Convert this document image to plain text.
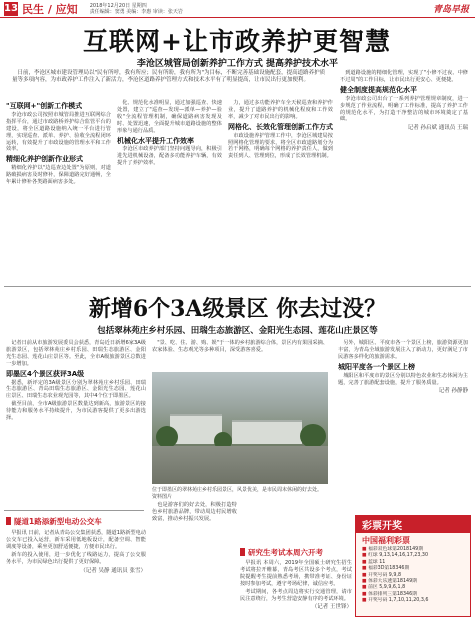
13 民生 / 应知 2018年12月20日 星期四
责任编辑：窦勇 美编：李惠 审读：张天岩	青岛早报
互联网+让市政养护更智慧
李沧区城管局创新养护工作方式 提高养护技术水平
日前，李沧区城市建设管理局以"民有所呼，我有所应；民有所盼，我有所为"为目标，不断完善基础设施配套，提高道路养护质量等多项内容，为市政养护工作注入了新活力，李沧区道路养护管理方式和技术水平有了明显提高，让市民出行更加便利。
"互联网+"创新工作模式

李沧市政公司按照市城管局推进互联网综合指挥平台，通过市政路桥养护综合监管平台的建设，将全区道路设施纳入统一平台进行管理，实现巡查、派单、养护、验收全流程闭环运转，有效提升了市政设施的管理水平和工作效率。

精细化养护创新作业形式

精细化养护以"边巡查边处置"为原则，对道路破损病害及时修补，保障道路完好通畅，全年累计修补各类路面病害多处。

化、规范化水准明显，通过加强巡查、快速处置，建立了"巡查—发现—派单—养护—验收"全流程管理机制，确保道路病害发现及时、处置迅速，全面提升城市道路设施的整体形象与通行品质。

机械化水平提升工作效率

李沧区市政养护部门坚持问题导向，积极引进先进机械设备，配备多功能养护车辆，有效提升了养护效率。

力，通过多功能养护车全天候巡查和养护作业，提升了道路养护的机械化程度和工作效率，减少了对市民出行的影响。

网格化、长效化管理创新工作方式

市政设施养护管理工作中，李沧区城建局按照网格化管理的要求，将全区市政道路划分为若干网格，明确每个网格的养护责任人，做到责任到人、管理到位，形成了长效管理机制。

到道路设施的精细化管理，实现了"小修不过夜、中修不过周"的工作目标，让市民出行更安心、更便捷。

健全制度提高规范化水平

李沧市政公司出台了一系列养护管理规章制度，进一步规范了作业流程，明确了工作标准，提高了养护工作的规范化水平，为打造干净整洁的城市环境奠定了基础。

记者 孙启斌 通讯员 王瑞
新增6个3A级景区 你去过没？
包括翠林苑庄乡村乐园、田瑞生态旅游区、金阳光生态园、莲花山庄景区等

记者日前从市旅游发展委员会获悉，青岛近日新增6家3A级旅游景区，包括翠林苑庄乡村乐园、田瑞生态旅游区、金阳光生态园、莲花山庄景区等。至此，全市A级旅游景区总数进一步增加。

即墨区4个景区获评3A级

据悉，新评定的3A级景区分别为翠林苑庄乡村乐园、田瑞生态旅游区、青岛田瑞生态旅游区、金阳光生态园、莲花山庄景区、田瑞生态农业观光园等，其中4个位于即墨区。

截至目前，全市A级旅游景区数量达到新高，旅游景区的接待能力和服务水平持续提升，为市民游客提供了更多出游选择。

"景、吃、住、游、购、娱"于一体的乡村旅游综合体，景区内有果园采摘、农家体验、生态观光等多种项目，深受游客喜爱。

位于即墨区的翠林苑庄乡村乐园景区，风景优美，是市民周末休闲的好去处。 资料图片

也是游客们的好去处，积极打造特色乡村旅游品牌，带动周边村民增收致富，推动乡村振兴发展。

另外，城阳区、平度市各一个景区上榜，旅游资源更加丰富，为青岛全域旅游发展注入了新动力，更好满足了市民游客多样化的旅游需求。

城阳平度各一个景区上榜

城阳区和平度市的景区分别以特色农业和生态休闲为主题，完善了旅游配套设施，提升了服务质量。

记者 孙静静
隧道1路添新型电动公交车

早报讯 日前，记者从青岛公交集团获悉，隧道1路新型电动公交车已投入运营，新车采用低地板设计，配备空调、智能调度等设备，乘坐更加舒适便捷，方便市民出行。

新车的投入使用，进一步优化了线路运力，提高了公交服务水平，为市民绿色出行提供了更好保障。

（记者 吴静 通讯员 张雪）
研究生考试本周六开考

早报讯 本周六，2019年全国硕士研究生招生考试将拉开帷幕，青岛考区共设多个考点，考试院提醒考生提前熟悉考场，携带准考证、身份证按时参加考试，遵守考场纪律，诚信应考。

考试期间，各考点周边将实行交通管理，请市民注意绕行，为考生营造安静有序的考试环境。

（记者 王世锋）
彩票开奖
中国福利彩票
■ 福彩双色球第2018149期
■ 红球 9,13,14,16,17,23,30
■ 蓝球 11
■ 福彩3D第18346期
■ 开奖号码 9,9,8
■ 体彩大乐透第18149期
■ 前区 5,9,9,6,1,8
■ 体彩排列三第18346期
■ 开奖号码 1,7,10,11,20,3,6
